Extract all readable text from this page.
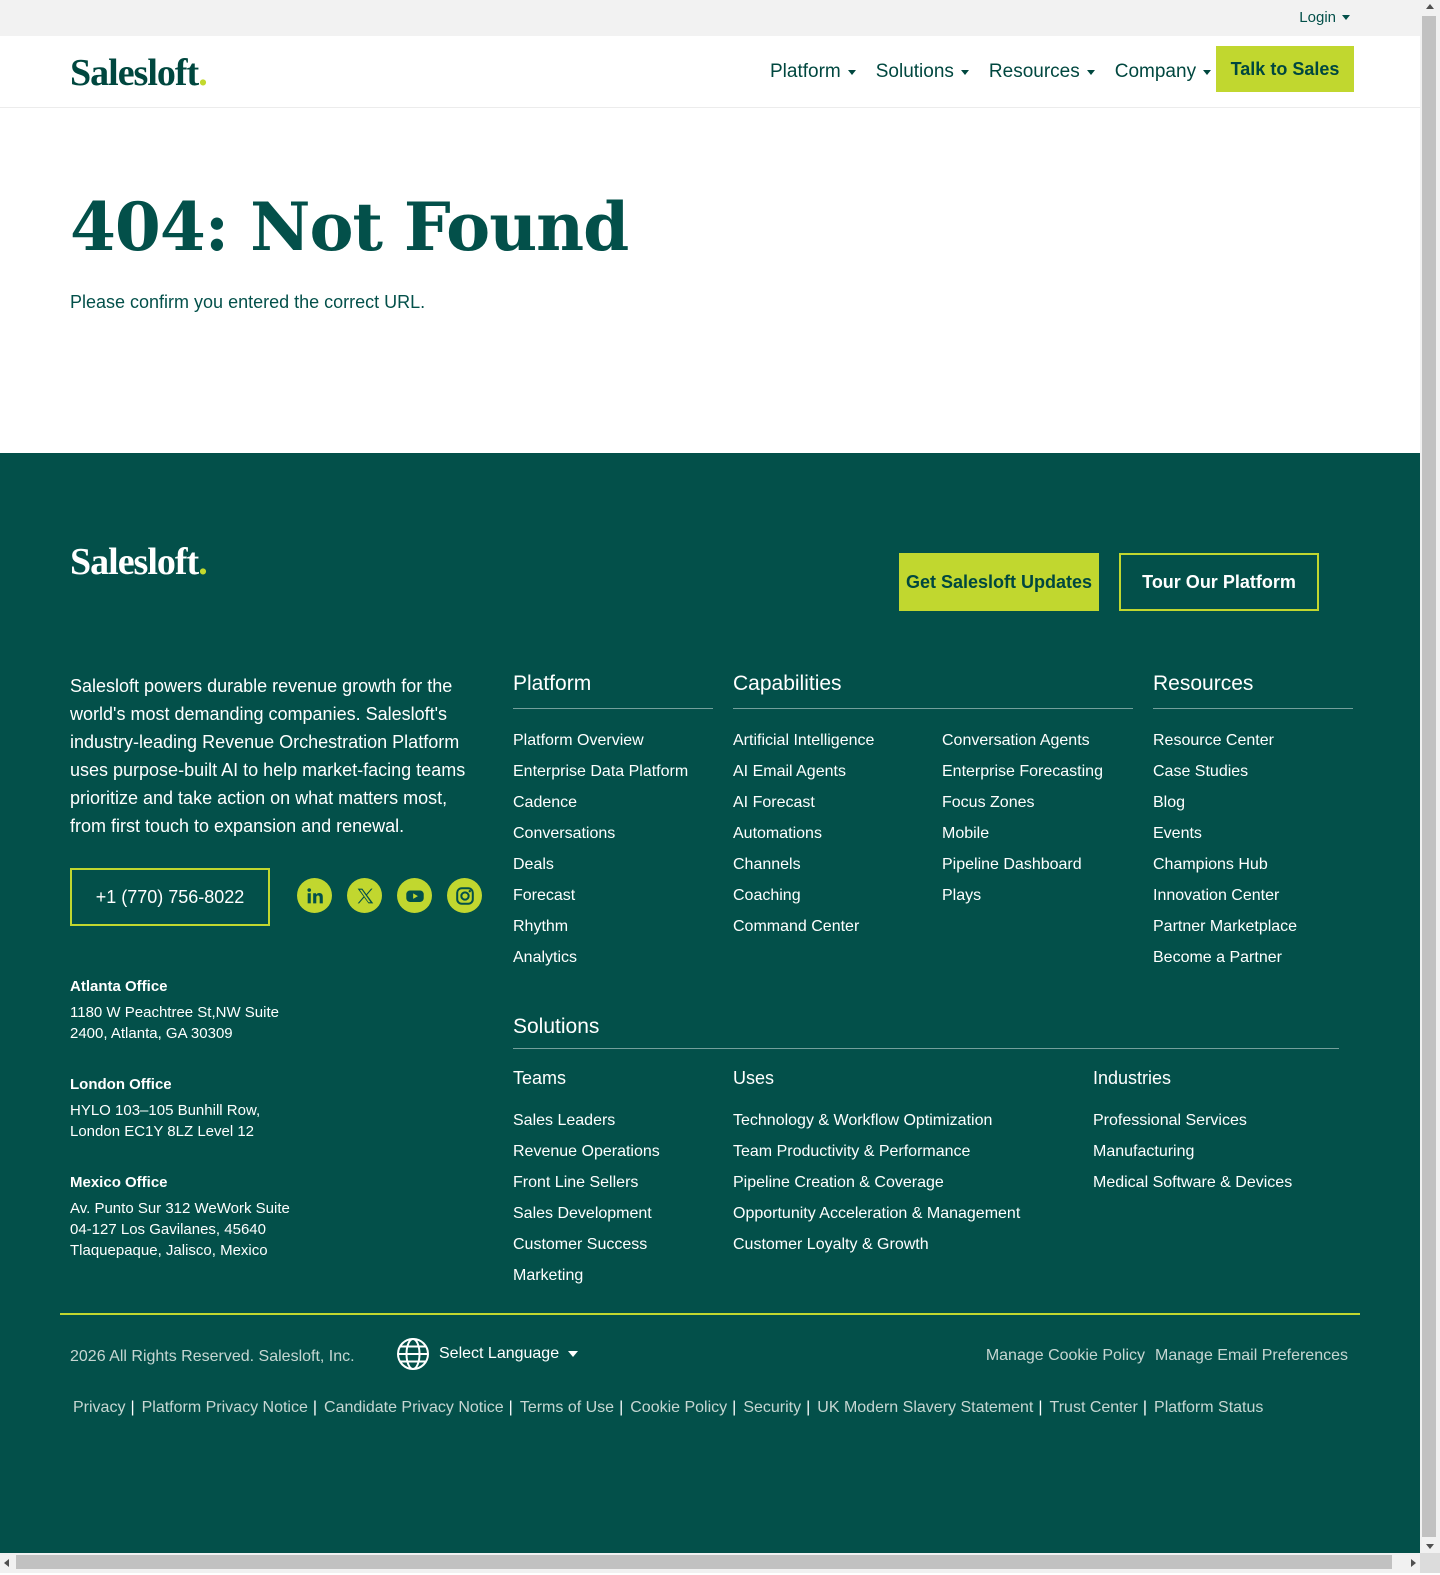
Login
Salesloft.	Platform Solutions Resources Company	Talk to Sales
404: Not Found

Please confirm you entered the correct URL.

Salesloft.	Get Salesloft Updates	Tour Our Platform

Salesloft powers durable revenue growth for the world's most demanding companies. Salesloft's industry-leading Revenue Orchestration Platform uses purpose-built AI to help market-facing teams prioritize and take action on what matters most, from first touch to expansion and renewal.

+1 (770) 756-8022
Atlanta Office
1180 W Peachtree St,NW Suite
2400, Atlanta, GA 30309
London Office
HYLO 103–105 Bunhill Row,
London EC1Y 8LZ Level 12
Mexico Office
Av. Punto Sur 312 WeWork Suite
04-127 Los Gavilanes, 45640
Tlaquepaque, Jalisco, Mexico
Platform
Platform Overview
Enterprise Data Platform
Cadence
Conversations
Deals
Forecast
Rhythm
Analytics
Capabilities
Artificial Intelligence
AI Email Agents
AI Forecast
Automations
Channels
Coaching
Command Center
Conversation Agents
Enterprise Forecasting
Focus Zones
Mobile
Pipeline Dashboard
Plays
Resources
Resource Center
Case Studies
Blog
Events
Champions Hub
Innovation Center
Partner Marketplace
Become a Partner
Solutions
Teams
Sales Leaders
Revenue Operations
Front Line Sellers
Sales Development
Customer Success
Marketing
Uses
Technology & Workflow Optimization
Team Productivity & Performance
Pipeline Creation & Coverage
Opportunity Acceleration & Management
Customer Loyalty & Growth
Industries
Professional Services
Manufacturing
Medical Software & Devices
2026 All Rights Reserved. Salesloft, Inc.	Select Language	Manage Cookie Policy Manage Email Preferences
Privacy | Platform Privacy Notice | Candidate Privacy Notice | Terms of Use | Cookie Policy | Security | UK Modern Slavery Statement | Trust Center | Platform Status
